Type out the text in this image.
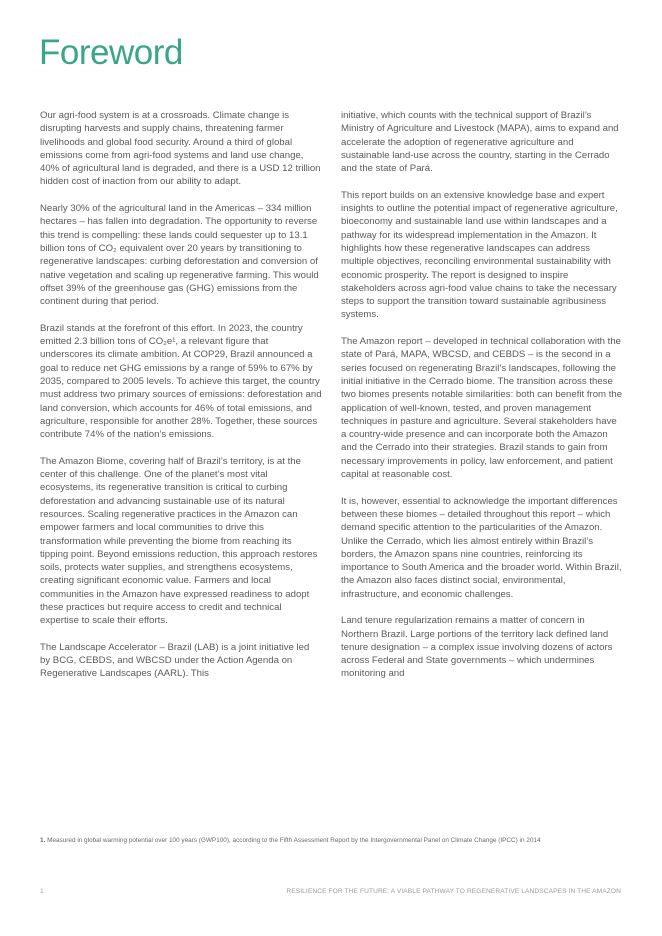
Foreword

Our agri-food system is at a crossroads. Climate change is disrupting harvests and supply chains, threatening farmer livelihoods and global food security. Around a third of global emissions come from agri-food systems and land use change, 40% of agricultural land is degraded, and there is a USD 12 trillion hidden cost of inaction from our ability to adapt.

Nearly 30% of the agricultural land in the Americas – 334 million hectares – has fallen into degradation. The opportunity to reverse this trend is compelling: these lands could sequester up to 13.1 billion tons of CO₂ equivalent over 20 years by transitioning to regenerative landscapes: curbing deforestation and conversion of native vegetation and scaling up regenerative farming. This would offset 39% of the greenhouse gas (GHG) emissions from the continent during that period.

Brazil stands at the forefront of this effort. In 2023, the country emitted 2.3 billion tons of CO₂e¹, a relevant figure that underscores its climate ambition. At COP29, Brazil announced a goal to reduce net GHG emissions by a range of 59% to 67% by 2035, compared to 2005 levels. To achieve this target, the country must address two primary sources of emissions: deforestation and land conversion, which accounts for 46% of total emissions, and agriculture, responsible for another 28%. Together, these sources contribute 74% of the nation’s emissions.

The Amazon Biome, covering half of Brazil’s territory, is at the center of this challenge. One of the planet’s most vital ecosystems, its regenerative transition is critical to curbing deforestation and advancing sustainable use of its natural resources. Scaling regenerative practices in the Amazon can empower farmers and local communities to drive this transformation while preventing the biome from reaching its tipping point. Beyond emissions reduction, this approach restores soils, protects water supplies, and strengthens ecosystems, creating significant economic value. Farmers and local communities in the Amazon have expressed readiness to adopt these practices but require access to credit and technical expertise to scale their efforts.

The Landscape Accelerator – Brazil (LAB) is a joint initiative led by BCG, CEBDS, and WBCSD under the Action Agenda on Regenerative Landscapes (AARL). This

initiative, which counts with the technical support of Brazil’s Ministry of Agriculture and Livestock (MAPA), aims to expand and accelerate the adoption of regenerative agriculture and sustainable land-use across the country, starting in the Cerrado and the state of Pará.

This report builds on an extensive knowledge base and expert insights to outline the potential impact of regenerative agriculture, bioeconomy and sustainable land use within landscapes and a pathway for its widespread implementation in the Amazon. It highlights how these regenerative landscapes can address multiple objectives, reconciling environmental sustainability with economic prosperity. The report is designed to inspire stakeholders across agri-food value chains to take the necessary steps to support the transition toward sustainable agribusiness systems.

The Amazon report – developed in technical collaboration with the state of Pará, MAPA, WBCSD, and CEBDS – is the second in a series focused on regenerating Brazil’s landscapes, following the initial initiative in the Cerrado biome. The transition across these two biomes presents notable similarities: both can benefit from the application of well-known, tested, and proven management techniques in pasture and agriculture. Several stakeholders have a country-wide presence and can incorporate both the Amazon and the Cerrado into their strategies. Brazil stands to gain from necessary improvements in policy, law enforcement, and patient capital at reasonable cost.

It is, however, essential to acknowledge the important differences between these biomes – detailed throughout this report – which demand specific attention to the particularities of the Amazon. Unlike the Cerrado, which lies almost entirely within Brazil’s borders, the Amazon spans nine countries, reinforcing its importance to South America and the broader world. Within Brazil, the Amazon also faces distinct social, environmental, infrastructure, and economic challenges.

Land tenure regularization remains a matter of concern in Northern Brazil. Large portions of the territory lack defined land tenure designation – a complex issue involving dozens of actors across Federal and State governments – which undermines monitoring and

1. Measured in global warming potential over 100 years (GWP100), according to the Fifth Assessment Report by the Intergovernmental Panel on Climate Change (IPCC) in 2014
1	RESILIENCE FOR THE FUTURE: A VIABLE PATHWAY TO REGENERATIVE LANDSCAPES IN THE AMAZON
